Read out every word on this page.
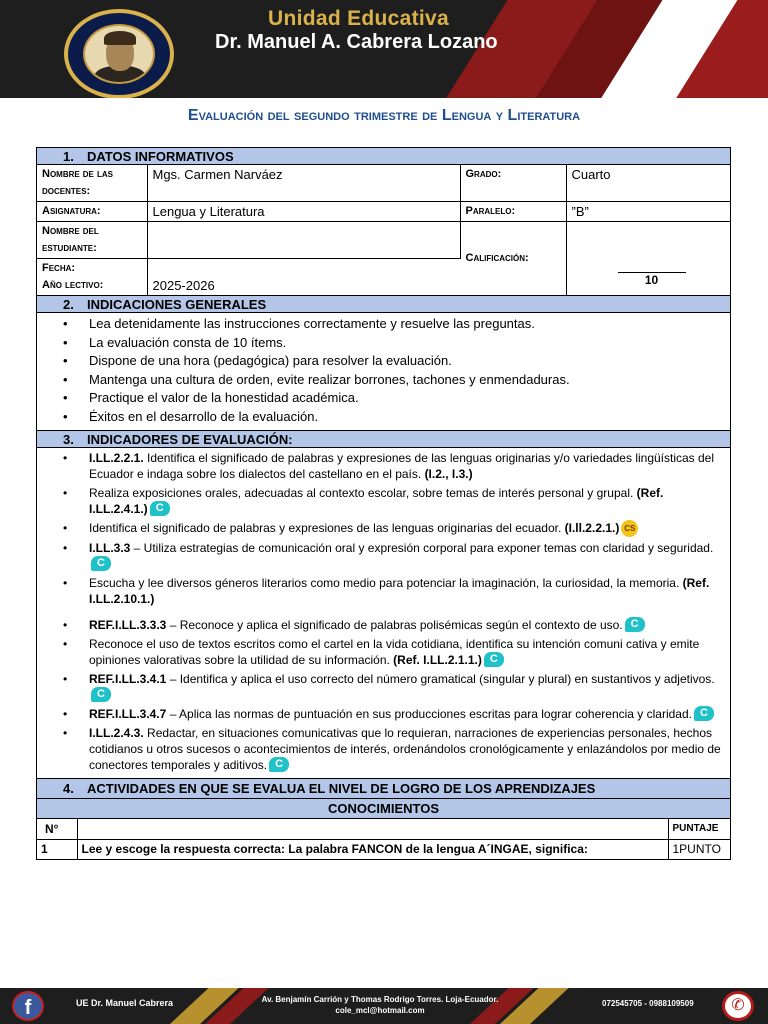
Unidad Educativa
Dr. Manuel A. Cabrera Lozano
Evaluación del segundo trimestre de Lengua y Literatura
1. DATOS INFORMATIVOS
Nombre de las docentes:	Mgs. Carmen Narváez	Grado:	Cuarto
Asignatura:	Lengua y Literatura	Paralelo:	”B”
Nombre del estudiante:		Calificación:	10

Fecha:
Año lectivo:	2025-2026		
2. INDICACIONES GENERALES
• Lea detenidamente las instrucciones correctamente y resuelve las preguntas.
• La evaluación consta de 10 ítems.
• Dispone de una hora (pedagógica) para resolver la evaluación.
• Mantenga una cultura de orden, evite realizar borrones, tachones y enmendaduras.
• Practique el valor de la honestidad académica.
• Éxitos en el desarrollo de la evaluación.
3. INDICADORES DE EVALUACIÓN:
• I.LL.2.2.1. Identifica el significado de palabras y expresiones de las lenguas originarias y/o variedades lingüísticas del Ecuador e indaga sobre los dialectos del castellano en el país. (I.2., I.3.)
• Realiza exposiciones orales, adecuadas al contexto escolar, sobre temas de interés personal y grupal. (Ref. I.LL.2.4.1.) C
• Identifica el significado de palabras y expresiones de las lenguas originarias del ecuador. (I.ll.2.2.1.) CS
• I.LL.3.3 – Utiliza estrategias de comunicación oral y expresión corporal para exponer temas con claridad y seguridad.C
• Escucha y lee diversos géneros literarios como medio para potenciar la imaginación, la curiosidad, la memoria. (Ref. I.LL.2.10.1.)
• REF.I.LL.3.3.3 – Reconoce y aplica el significado de palabras polisémicas según el contexto de uso. C
• Reconoce el uso de textos escritos como el cartel en la vida cotidiana, identifica su intención comuni cativa y emite opiniones valorativas sobre la utilidad de su información. (Ref. I.LL.2.1.1.) C
• REF.I.LL.3.4.1 – Identifica y aplica el uso correcto del número gramatical (singular y plural) en sustantivos y adjetivos.C
• REF.I.LL.3.4.7 – Aplica las normas de puntuación en sus producciones escritas para lograr coherencia y claridad. C
• I.LL.2.4.3. Redactar, en situaciones comunicativas que lo requieran, narraciones de experiencias personales, hechos cotidianos u otros sucesos o acontecimientos de interés, ordenándolos cronológicamente y enlazándolos por medio de conectores temporales y aditivos. C
4. ACTIVIDADES EN QUE SE EVALUA EL NIVEL DE LOGRO DE LOS APRENDIZAJES
CONOCIMIENTOS
N°		PUNTAJE
1	Lee y escoge la respuesta correcta: La palabra FANCON de la lengua A´INGAE, significa:	1PUNTO
f	UE Dr. Manuel Cabrera	Av. Benjamín Carrión y Thomas Rodrigo Torres. Loja-Ecuador.
cole_mcl@hotmail.com
072545705 - 0988109509	✆
